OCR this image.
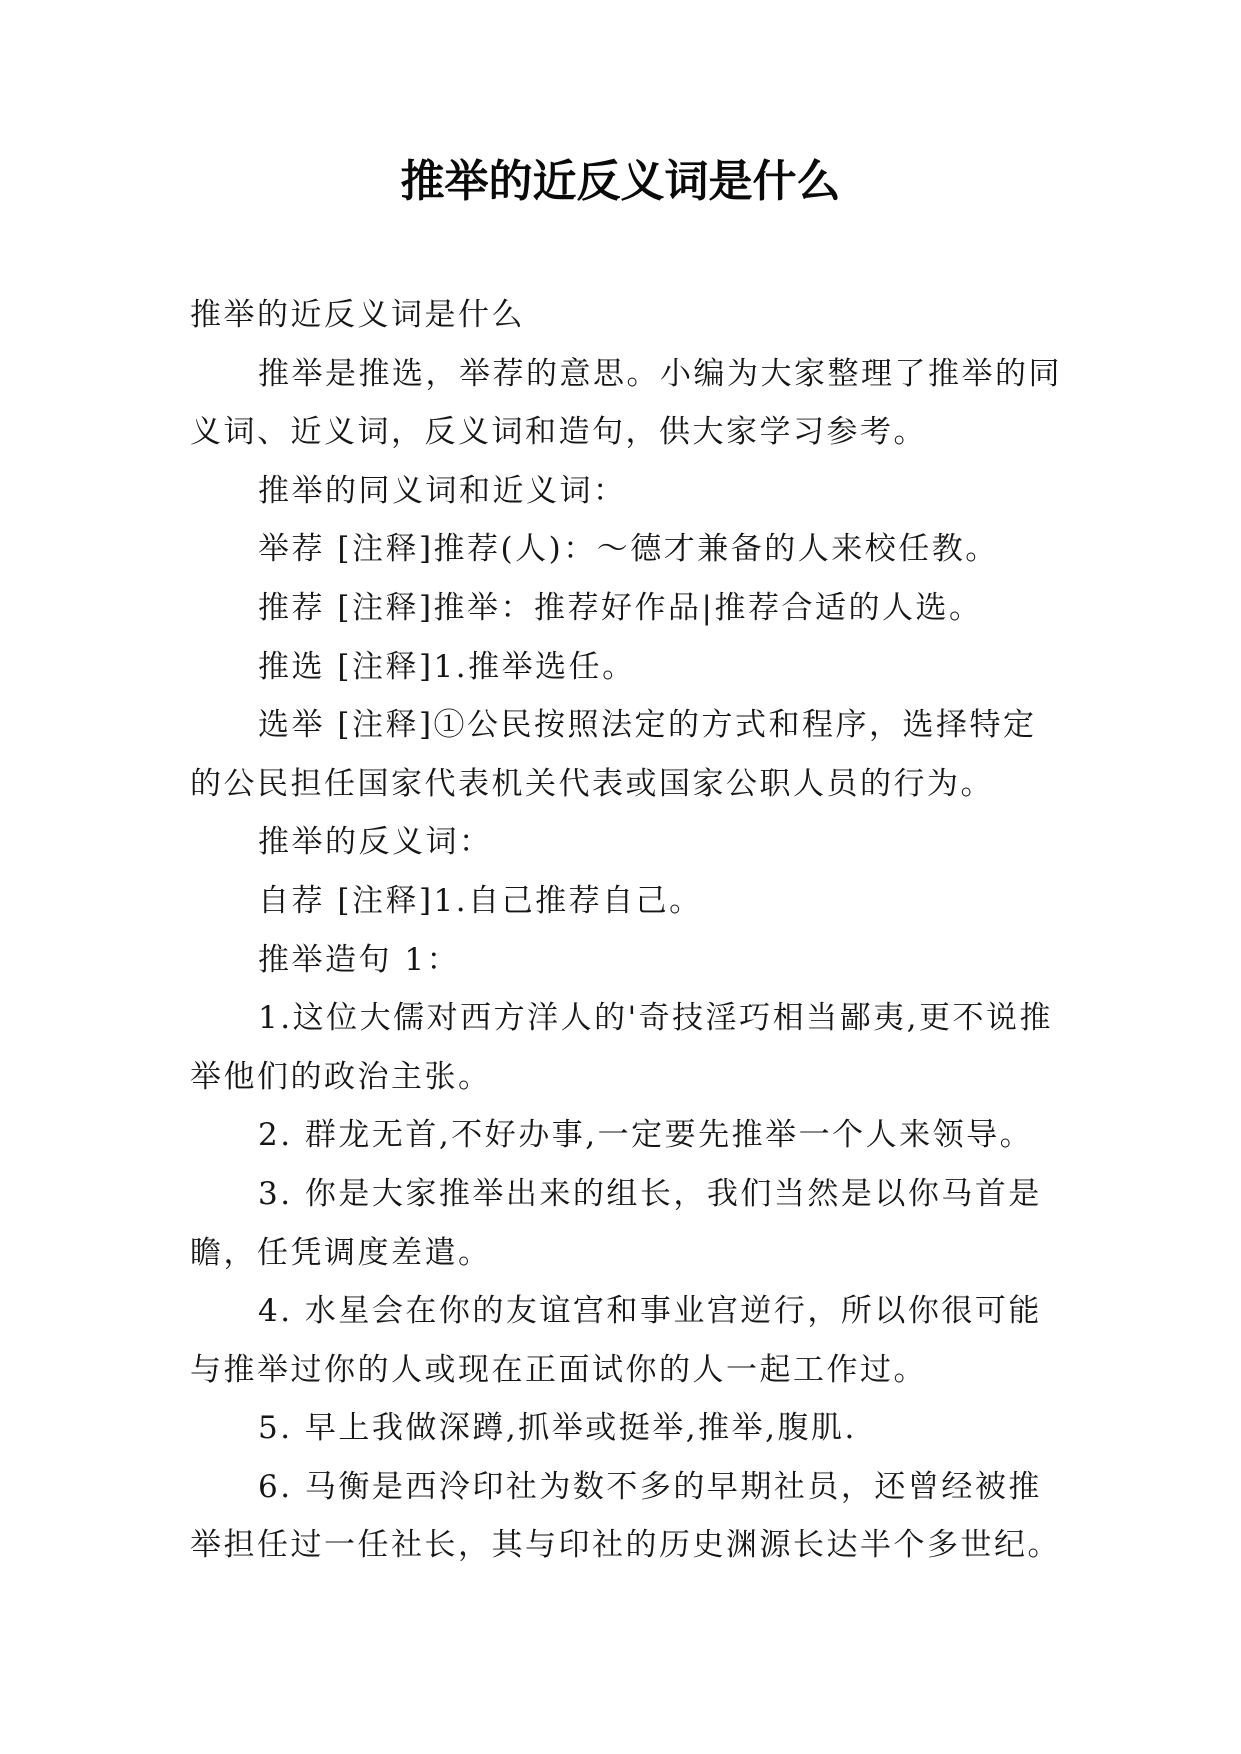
推举的近反义词是什么

推举的近反义词是什么

推举是推选，举荐的意思。小编为大家整理了推举的同

义词、近义词，反义词和造句，供大家学习参考。

推举的同义词和近义词：

举荐 [注释]推荐(人)：～德才兼备的人来校任教。

推荐 [注释]推举：推荐好作品|推荐合适的人选。

推选 [注释]1.推举选任。

选举 [注释]①公民按照法定的方式和程序，选择特定

的公民担任国家代表机关代表或国家公职人员的行为。

推举的反义词：

自荐 [注释]1.自己推荐自己。

推举造句 1：

1.这位大儒对西方洋人的'奇技淫巧相当鄙夷,更不说推

举他们的政治主张。

2. 群龙无首,不好办事,一定要先推举一个人来领导。

3. 你是大家推举出来的组长，我们当然是以你马首是

瞻，任凭调度差遣。

4. 水星会在你的友谊宫和事业宫逆行，所以你很可能

与推举过你的人或现在正面试你的人一起工作过。

5. 早上我做深蹲,抓举或挺举,推举,腹肌.

6. 马衡是西泠印社为数不多的早期社员，还曾经被推

举担任过一任社长，其与印社的历史渊源长达半个多世纪。
